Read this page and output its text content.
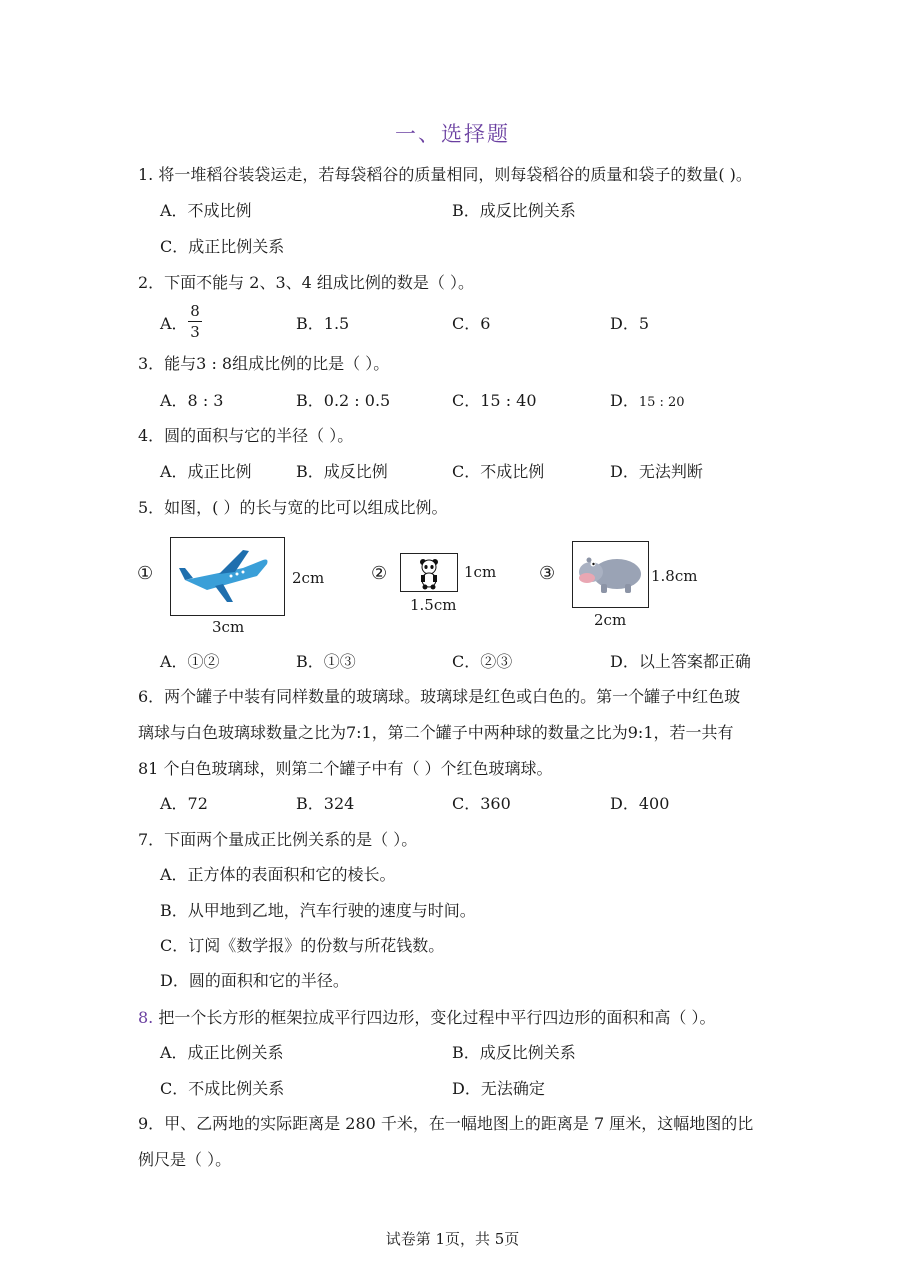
一、选择题
1. 将一堆稻谷装袋运走，若每袋稻谷的质量相同，则每袋稻谷的质量和袋子的数量( )。
A．不成比例	B．成反比例关系
C．成正比例关系
2．下面不能与 2、3、4 组成比例的数是（ ）。
A．
8
3	B．1.5	C．6	D．5
3．能与3 : 8组成比例的比是（ ）。
A．8 : 3	B．0.2 : 0.5	C．15 : 40	D．15 : 20
4．圆的面积与它的半径（ ）。
A．成正比例	B．成反比例	C．不成比例	D．无法判断
5．如图，( ）的长与宽的比可以组成比例。
①	2cm
3cm
②	1cm
1.5cm
③	1.8cm
2cm
A．①②	B．①③	C．②③	D．以上答案都正确
6．两个罐子中装有同样数量的玻璃球。玻璃球是红色或白色的。第一个罐子中红色玻
璃球与白色玻璃球数量之比为7:1，第二个罐子中两种球的数量之比为9:1，若一共有
81 个白色玻璃球，则第二个罐子中有（ ）个红色玻璃球。
A．72	B．324	C．360	D．400
7．下面两个量成正比例关系的是（ ）。
A．正方体的表面积和它的棱长。
B．从甲地到乙地，汽车行驶的速度与时间。
C．订阅《数学报》的份数与所花钱数。
D．圆的面积和它的半径。
8. 把一个长方形的框架拉成平行四边形，变化过程中平行四边形的面积和高（ ）。
A．成正比例关系	B．成反比例关系
C．不成比例关系	D．无法确定
9．甲、乙两地的实际距离是 280 千米，在一幅地图上的距离是 7 厘米，这幅地图的比
例尺是（ ）。
试卷第 1页，共 5页
